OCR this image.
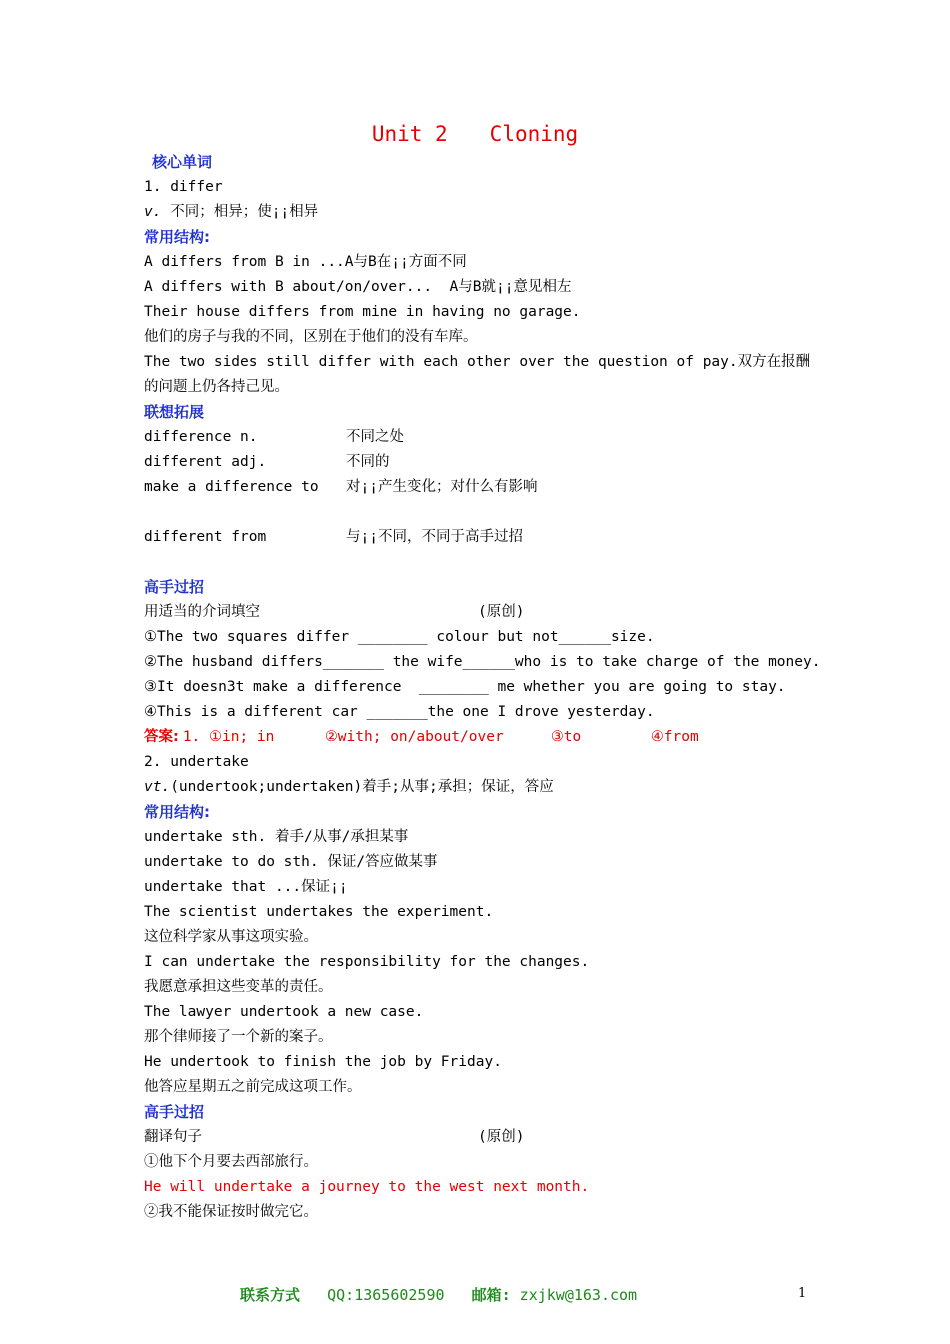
Unit 2 Cloning
核心单词
1. differ
v. 不同；相异；使¡¡相异
常用结构:
A differs from B in ...A与B在¡¡方面不同
A differs with B about/on/over...  A与B就¡¡意见相左
Their house differs from mine in having no garage.
他们的房子与我的不同，区别在于他们的没有车库。
The two sides still differ with each other over the question of pay.双方在报酬的问题上仍各持己见。
联想拓展
difference n.	不同之处
different adj.	不同的
make a difference to	对¡¡产生变化；对什么有影响
different from	与¡¡不同，不同于高手过招
高手过招
用适当的介词填空	(原创)
①The two squares differ ________ colour but not______size.
②The husband differs_______ the wife______who is to take charge of the money.
③It doesn3t make a difference  ________ me whether you are going to stay.
④This is a different car _______the one I drove yesterday.
答案: 1. ①in; in	②with; on/about/over	③to	④from
2. undertake
vt.(undertook;undertaken)着手;从事;承担；保证，答应
常用结构:
undertake sth. 着手/从事/承担某事
undertake to do sth. 保证/答应做某事
undertake that ...保证¡¡
The scientist undertakes the experiment.
这位科学家从事这项实验。
I can undertake the responsibility for the changes.
我愿意承担这些变革的责任。
The lawyer undertook a new case.
那个律师接了一个新的案子。
He undertook to finish the job by Friday.
他答应星期五之前完成这项工作。
高手过招
翻译句子	(原创)
①他下个月要去西部旅行。
He will undertake a journey to the west next month.
②我不能保证按时做完它。
联系方式 QQ:1365602590 邮箱: zxjkw@163.com	1
